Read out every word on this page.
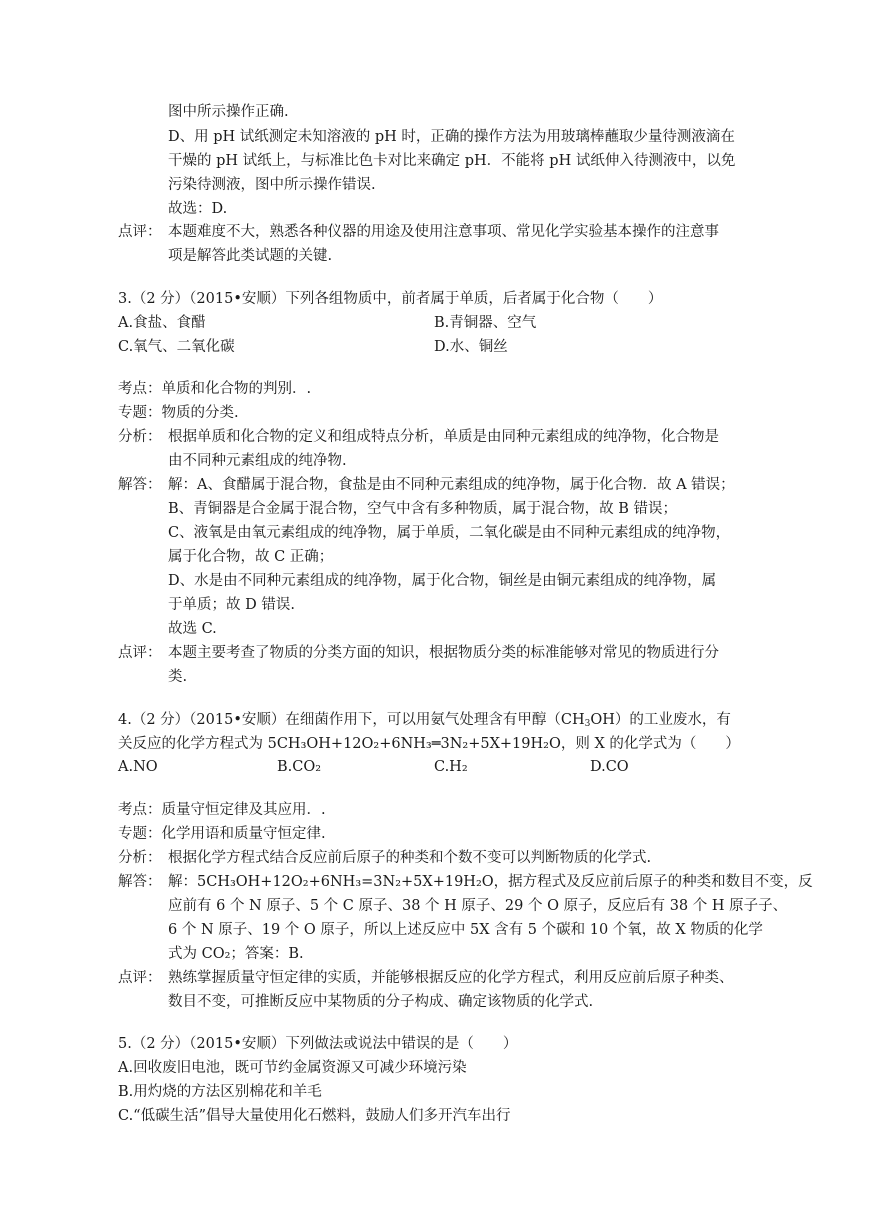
图中所示操作正确.
D、用 pH 试纸测定未知溶液的 pH 时，正确的操作方法为用玻璃棒蘸取少量待测液滴在
干燥的 pH 试纸上，与标准比色卡对比来确定 pH．不能将 pH 试纸伸入待测液中，以免
污染待测液，图中所示操作错误.
故选：D.
点评： 本题难度不大，熟悉各种仪器的用途及使用注意事项、常见化学实验基本操作的注意事
项是解答此类试题的关键.
3.（2 分）（2015•安顺）下列各组物质中，前者属于单质，后者属于化合物（　　）
A.食盐、食醋	B.青铜器、空气
C.氧气、二氧化碳	D.水、铜丝
考点：单质和化合物的判别．.
专题：物质的分类.
分析： 根据单质和化合物的定义和组成特点分析，单质是由同种元素组成的纯净物，化合物是
由不同种元素组成的纯净物.
解答： 解：A、食醋属于混合物，食盐是由不同种元素组成的纯净物，属于化合物．故 A 错误；
B、青铜器是合金属于混合物，空气中含有多种物质，属于混合物，故 B 错误；
C、液氧是由氧元素组成的纯净物，属于单质，二氧化碳是由不同种元素组成的纯净物，
属于化合物，故 C 正确；
D、水是由不同种元素组成的纯净物，属于化合物，铜丝是由铜元素组成的纯净物，属
于单质；故 D 错误.
故选 C.
点评： 本题主要考查了物质的分类方面的知识，根据物质分类的标准能够对常见的物质进行分
类.
4.（2 分）（2015•安顺）在细菌作用下，可以用氨气处理含有甲醇$(CH_3OH)$的工业废水，有
关反应的化学方程式为 5CH₃OH+12O₂+6NH₃═3N₂+5X+19H₂O，则 X 的化学式为（　　）
A.NO	B.CO₂	C.H₂	D.CO
考点：质量守恒定律及其应用．.
专题：化学用语和质量守恒定律.
分析： 根据化学方程式结合反应前后原子的种类和个数不变可以判断物质的化学式.
解答： 解：5CH₃OH+12O₂+6NH₃=3N₂+5X+19H₂O，据方程式及反应前后原子的种类和数目不变，反
应前有 6 个 N 原子、5 个 C 原子、38 个 H 原子、29 个 O 原子，反应后有 38 个 H 原子子、
6 个 N 原子、19 个 O 原子，所以上述反应中 5X 含有 5 个碳和 10 个氧，故 X 物质的化学
式为 CO₂；答案：B.
点评： 熟练掌握质量守恒定律的实质，并能够根据反应的化学方程式，利用反应前后原子种类、
数目不变，可推断反应中某物质的分子构成、确定该物质的化学式.
5.（2 分）（2015•安顺）下列做法或说法中错误的是（　　）
A.回收废旧电池，既可节约金属资源又可减少环境污染
B.用灼烧的方法区别棉花和羊毛
C.“低碳生活”倡导大量使用化石燃料，鼓励人们多开汽车出行
